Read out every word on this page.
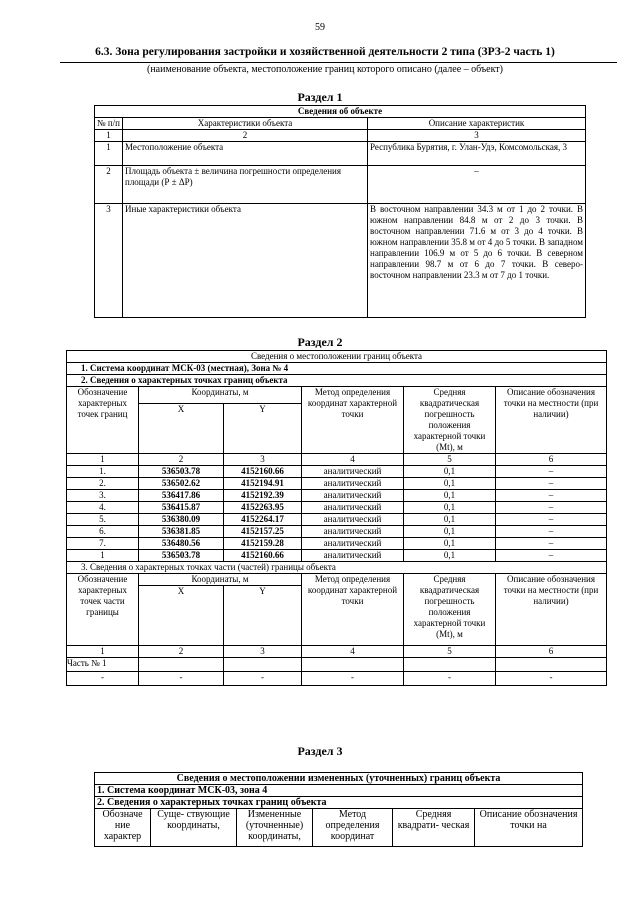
59
6.3. Зона регулирования застройки и хозяйственной деятельности 2 типа (ЗРЗ-2 часть 1)
(наименование объекта, местоположение границ которого описано (далее – объект)
Раздел 1
Сведения об объекте		
№ п/п	Характеристики объекта	Описание характеристик
1	2	3
1	Местоположение объекта	Республика Бурятия, г. Улан-Удэ, Комсомольская, 3
2	Площадь объекта ± величина погрешности определения площади (Р ± ΔР)	–
3	Иные характеристики объекта	В восточном направлении 34.3 м от 1 до 2 точки. В южном направлении 84.8 м от 2 до 3 точки. В восточном направлении 71.6 м от 3 до 4 точки. В южном направлении 35.8 м от 4 до 5 точки. В западном направлении 106.9 м от 5 до 6 точки. В северном направлении 98.7 м от 6 до 7 точки. В северо-восточном направлении 23.3 м от 7 до 1 точки.
Раздел 2
Сведения о местоположении границ объекта					
1. Система координат МСК-03 (местная), Зона № 4					
2. Сведения о характерных точках границ объекта					
Обозначение характерных точек границ	Координаты, м		Метод определения координат характерной точки	Средняя квадратическая погрешность положения характерной точки (Mt), м	Описание обозначения точки на местности (при наличии)
	X	Y			
1	2	3	4	5	6
1.	536503.78	4152160.66	аналитический	0,1	–
2.	536502.62	4152194.91	аналитический	0,1	–
3.	536417.86	4152192.39	аналитический	0,1	–
4.	536415.87	4152263.95	аналитический	0,1	–
5.	536380.09	4152264.17	аналитический	0,1	–
6.	536381.85	4152157.25	аналитический	0,1	–
7.	536480.56	4152159.28	аналитический	0,1	–
1	536503.78	4152160.66	аналитический	0,1	–
3. Сведения о характерных точках части (частей) границы объекта					
Обозначение характерных точек части границы	Координаты, м		Метод определения координат характерной точки	Средняя квадратическая погрешность положения характерной точки (Mt), м	Описание обозначения точки на местности (при наличии)
	X	Y			
1	2	3	4	5	6
Часть № 1					
-	-	-	-	-	-
Раздел 3
Сведения о местоположении измененных (уточненных) границ объекта
1. Система координат МСК-03, зона 4
2. Сведения о характерных точках границ объекта
Обозначе ние характер	Суще- ствующие координаты,	Измененные (уточненные) координаты,	Метод определения координат	Средняя квадрати- ческая	Описание обозначения точки на
